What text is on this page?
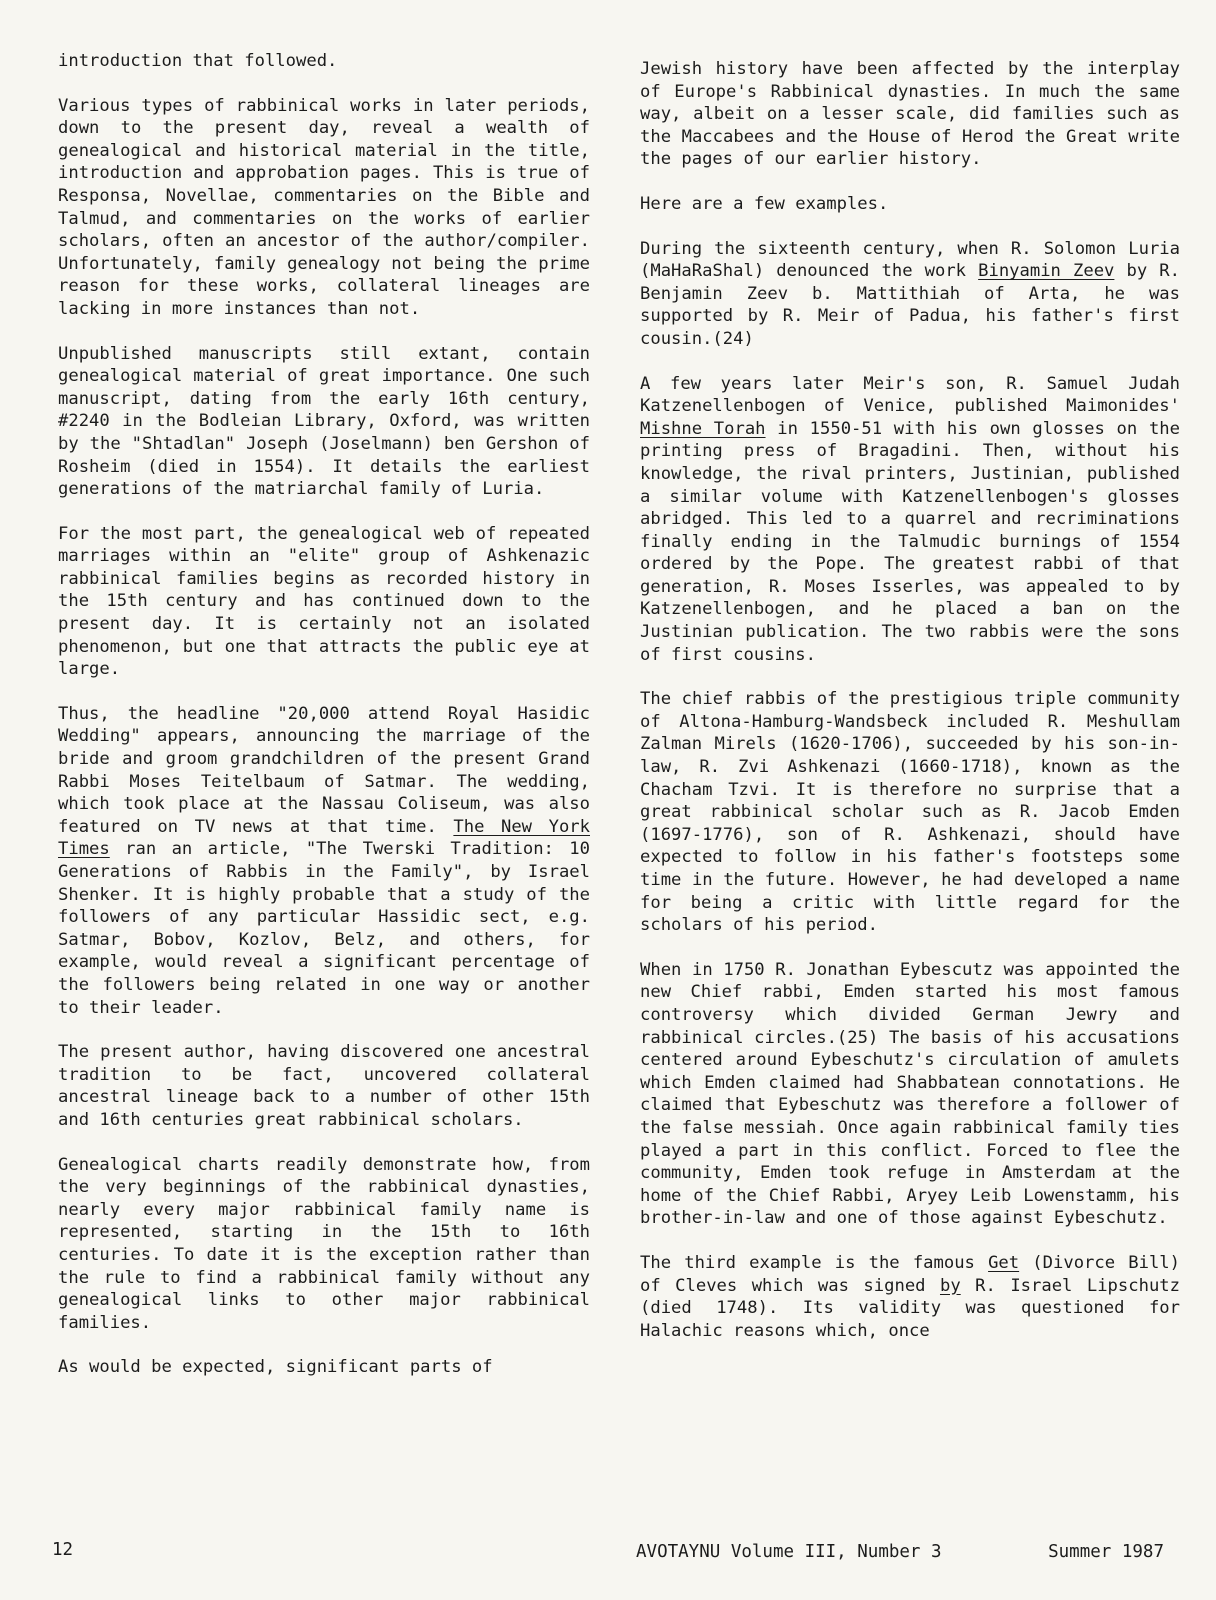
introduction that followed.

Various types of rabbinical works in later periods, down to the present day, reveal a wealth of genealogical and historical material in the title, introduction and approbation pages. This is true of Responsa, Novellae, commentaries on the Bible and Talmud, and commentaries on the works of earlier scholars, often an ancestor of the author/compiler. Unfortunately, family genealogy not being the prime reason for these works, collateral lineages are lacking in more instances than not.

Unpublished manuscripts still extant, contain genealogical material of great importance. One such manuscript, dating from the early 16th century, #2240 in the Bodleian Library, Oxford, was written by the "Shtadlan" Joseph (Joselmann) ben Gershon of Rosheim (died in 1554). It details the earliest generations of the matriarchal family of Luria.

For the most part, the genealogical web of repeated marriages within an "elite" group of Ashkenazic rabbinical families begins as recorded history in the 15th century and has continued down to the present day. It is certainly not an isolated phenomenon, but one that attracts the public eye at large.

Thus, the headline "20,000 attend Royal Hasidic Wedding" appears, announcing the marriage of the bride and groom grandchildren of the present Grand Rabbi Moses Teitelbaum of Satmar. The wedding, which took place at the Nassau Coliseum, was also featured on TV news at that time. The New York Times ran an article, "The Twerski Tradition: 10 Generations of Rabbis in the Family", by Israel Shenker. It is highly probable that a study of the followers of any particular Hassidic sect, e.g. Satmar, Bobov, Kozlov, Belz, and others, for example, would reveal a significant percentage of the followers being related in one way or another to their leader.

The present author, having discovered one ancestral tradition to be fact, uncovered collateral ancestral lineage back to a number of other 15th and 16th centuries great rabbinical scholars.

Genealogical charts readily demonstrate how, from the very beginnings of the rabbinical dynasties, nearly every major rabbinical family name is represented, starting in the 15th to 16th centuries. To date it is the exception rather than the rule to find a rabbinical family without any genealogical links to other major rabbinical families.

As would be expected, significant parts of

Jewish history have been affected by the interplay of Europe's Rabbinical dynasties. In much the same way, albeit on a lesser scale, did families such as the Maccabees and the House of Herod the Great write the pages of our earlier history.

Here are a few examples.

During the sixteenth century, when R. Solomon Luria (MaHaRaShal) denounced the work Binyamin Zeev by R. Benjamin Zeev b. Mattithiah of Arta, he was supported by R. Meir of Padua, his father's first cousin.(24)

A few years later Meir's son, R. Samuel Judah Katzenellenbogen of Venice, published Maimonides' Mishne Torah in 1550-51 with his own glosses on the printing press of Bragadini. Then, without his knowledge, the rival printers, Justinian, published a similar volume with Katzenellenbogen's glosses abridged. This led to a quarrel and recriminations finally ending in the Talmudic burnings of 1554 ordered by the Pope. The greatest rabbi of that generation, R. Moses Isserles, was appealed to by Katzenellenbogen, and he placed a ban on the Justinian publication. The two rabbis were the sons of first cousins.

The chief rabbis of the prestigious triple community of Altona-Hamburg-Wandsbeck included R. Meshullam Zalman Mirels (1620-1706), succeeded by his son-in-law, R. Zvi Ashkenazi (1660-1718), known as the Chacham Tzvi. It is therefore no surprise that a great rabbinical scholar such as R. Jacob Emden (1697-1776), son of R. Ashkenazi, should have expected to follow in his father's footsteps some time in the future. However, he had developed a name for being a critic with little regard for the scholars of his period.

When in 1750 R. Jonathan Eybescutz was appointed the new Chief rabbi, Emden started his most famous controversy which divided German Jewry and rabbinical circles.(25) The basis of his accusations centered around Eybeschutz's circulation of amulets which Emden claimed had Shabbatean connotations. He claimed that Eybeschutz was therefore a follower of the false messiah. Once again rabbinical family ties played a part in this conflict. Forced to flee the community, Emden took refuge in Amsterdam at the home of the Chief Rabbi, Aryey Leib Lowenstamm, his brother-in-law and one of those against Eybeschutz.

The third example is the famous Get (Divorce Bill) of Cleves which was signed by R. Israel Lipschutz (died 1748). Its validity was questioned for Halachic reasons which, once

12	AVOTAYNU Volume III, Number 3	Summer 1987
